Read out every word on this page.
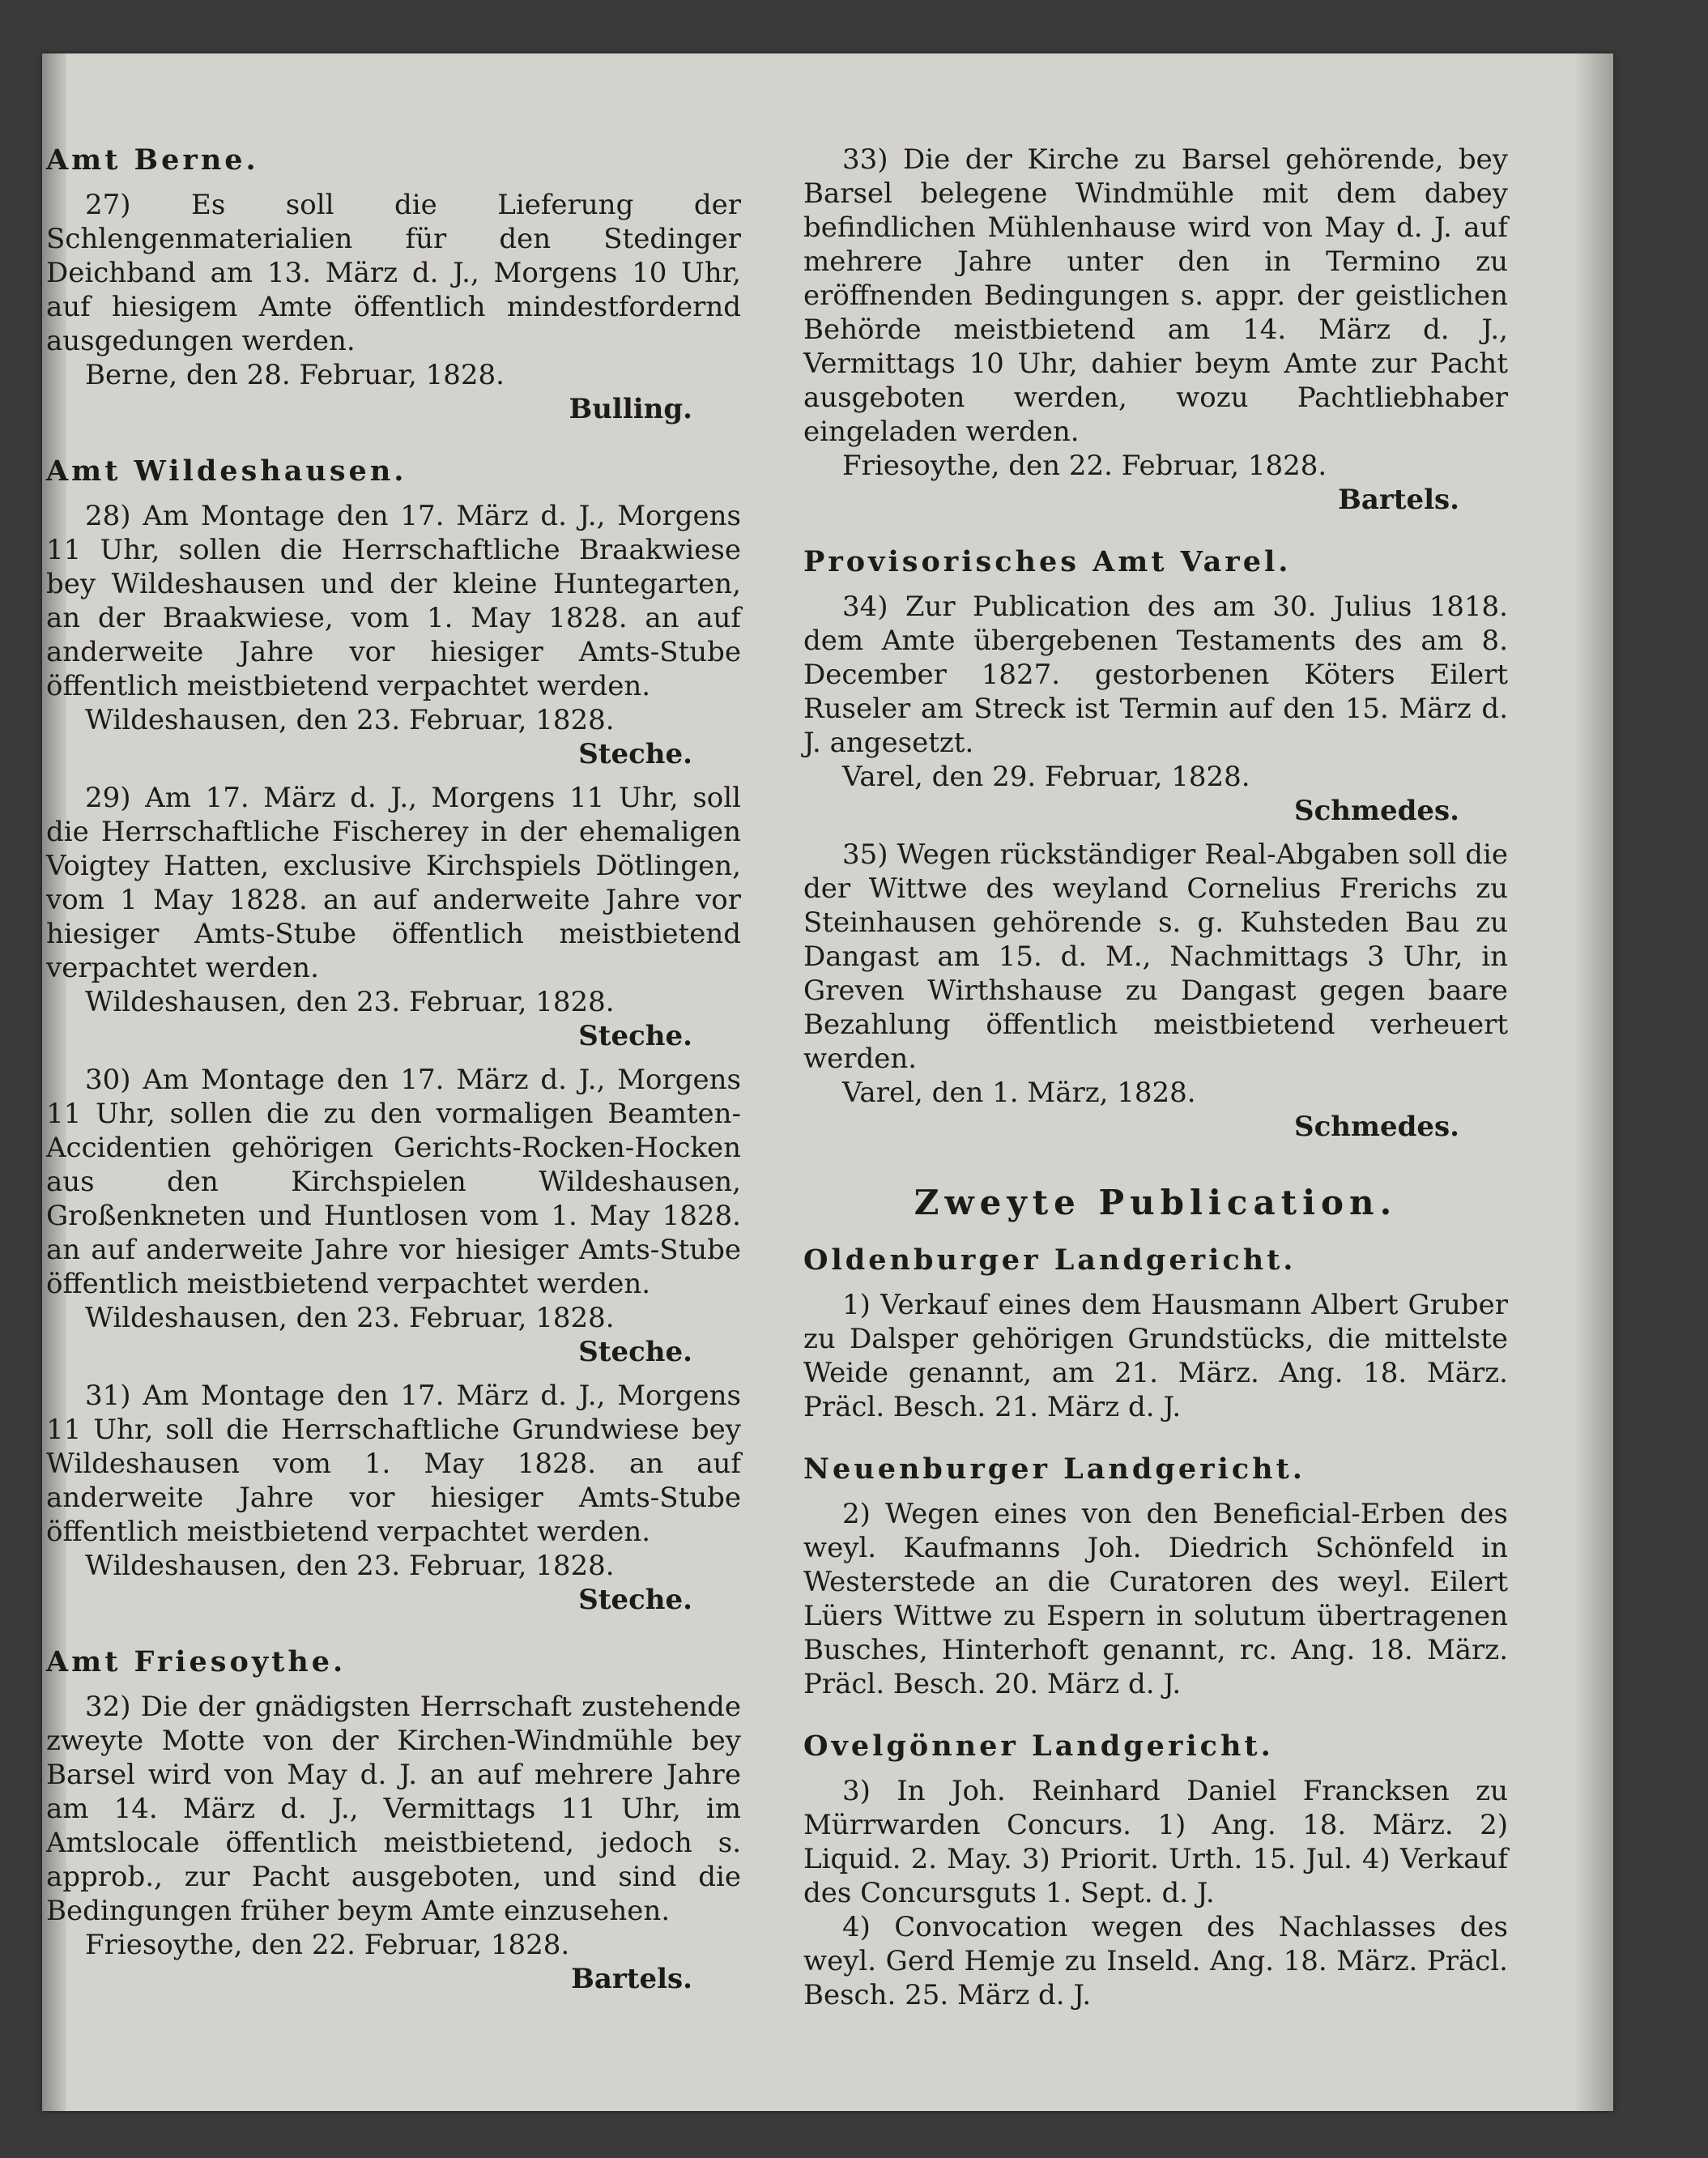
Amt Berne.

27) Es soll die Lieferung der Schlengenmaterialien für den Stedinger Deichband am 13. März d. J., Morgens 10 Uhr, auf hiesigem Amte öffentlich mindestfordernd ausgedungen werden.

Berne, den 28. Februar, 1828.

Bulling.

Amt Wildeshausen.

28) Am Montage den 17. März d. J., Morgens 11 Uhr, sollen die Herrschaftliche Braakwiese bey Wildeshausen und der kleine Huntegarten, an der Braakwiese, vom 1. May 1828. an auf anderweite Jahre vor hiesiger Amts-Stube öffentlich meistbietend verpachtet werden.

Wildeshausen, den 23. Februar, 1828.

Steche.

29) Am 17. März d. J., Morgens 11 Uhr, soll die Herrschaftliche Fischerey in der ehemaligen Voigtey Hatten, exclusive Kirchspiels Dötlingen, vom 1 May 1828. an auf anderweite Jahre vor hiesiger Amts-Stube öffentlich meistbietend verpachtet werden.

Wildeshausen, den 23. Februar, 1828.

Steche.

30) Am Montage den 17. März d. J., Morgens 11 Uhr, sollen die zu den vormaligen Beamten-Accidentien gehörigen Gerichts-Rocken-Hocken aus den Kirchspielen Wildeshausen, Großenkneten und Huntlosen vom 1. May 1828. an auf anderweite Jahre vor hiesiger Amts-Stube öffentlich meistbietend verpachtet werden.

Wildeshausen, den 23. Februar, 1828.

Steche.

31) Am Montage den 17. März d. J., Morgens 11 Uhr, soll die Herrschaftliche Grundwiese bey Wildeshausen vom 1. May 1828. an auf anderweite Jahre vor hiesiger Amts-Stube öffentlich meistbietend verpachtet werden.

Wildeshausen, den 23. Februar, 1828.

Steche.

Amt Friesoythe.

32) Die der gnädigsten Herrschaft zustehende zweyte Motte von der Kirchen-Windmühle bey Barsel wird von May d. J. an auf mehrere Jahre am 14. März d. J., Vermittags 11 Uhr, im Amtslocale öffentlich meistbietend, jedoch s. approb., zur Pacht ausgeboten, und sind die Bedingungen früher beym Amte einzusehen.

Friesoythe, den 22. Februar, 1828.

Bartels.

33) Die der Kirche zu Barsel gehörende, bey Barsel belegene Windmühle mit dem dabey befindlichen Mühlenhause wird von May d. J. auf mehrere Jahre unter den in Termino zu eröffnenden Bedingungen s. appr. der geistlichen Behörde meistbietend am 14. März d. J., Vermittags 10 Uhr, dahier beym Amte zur Pacht ausgeboten werden, wozu Pachtliebhaber eingeladen werden.

Friesoythe, den 22. Februar, 1828.

Bartels.

Provisorisches Amt Varel.

34) Zur Publication des am 30. Julius 1818. dem Amte übergebenen Testaments des am 8. December 1827. gestorbenen Köters Eilert Ruseler am Streck ist Termin auf den 15. März d. J. angesetzt.

Varel, den 29. Februar, 1828.

Schmedes.

35) Wegen rückständiger Real-Abgaben soll die der Wittwe des weyland Cornelius Frerichs zu Steinhausen gehörende s. g. Kuhsteden Bau zu Dangast am 15. d. M., Nachmittags 3 Uhr, in Greven Wirthshause zu Dangast gegen baare Bezahlung öffentlich meistbietend verheuert werden.

Varel, den 1. März, 1828.

Schmedes.

Zweyte Publication.
Oldenburger Landgericht.

1) Verkauf eines dem Hausmann Albert Gruber zu Dalsper gehörigen Grundstücks, die mittelste Weide genannt, am 21. März. Ang. 18. März. Präcl. Besch. 21. März d. J.

Neuenburger Landgericht.

2) Wegen eines von den Beneficial-Erben des weyl. Kaufmanns Joh. Diedrich Schönfeld in Westerstede an die Curatoren des weyl. Eilert Lüers Wittwe zu Espern in solutum übertragenen Busches, Hinterhoft genannt, rc. Ang. 18. März. Präcl. Besch. 20. März d. J.

Ovelgönner Landgericht.

3) In Joh. Reinhard Daniel Francksen zu Mürrwarden Concurs. 1) Ang. 18. März. 2) Liquid. 2. May. 3) Priorit. Urth. 15. Jul. 4) Verkauf des Concursguts 1. Sept. d. J.

4) Convocation wegen des Nachlasses des weyl. Gerd Hemje zu Inseld. Ang. 18. März. Präcl. Besch. 25. März d. J.
